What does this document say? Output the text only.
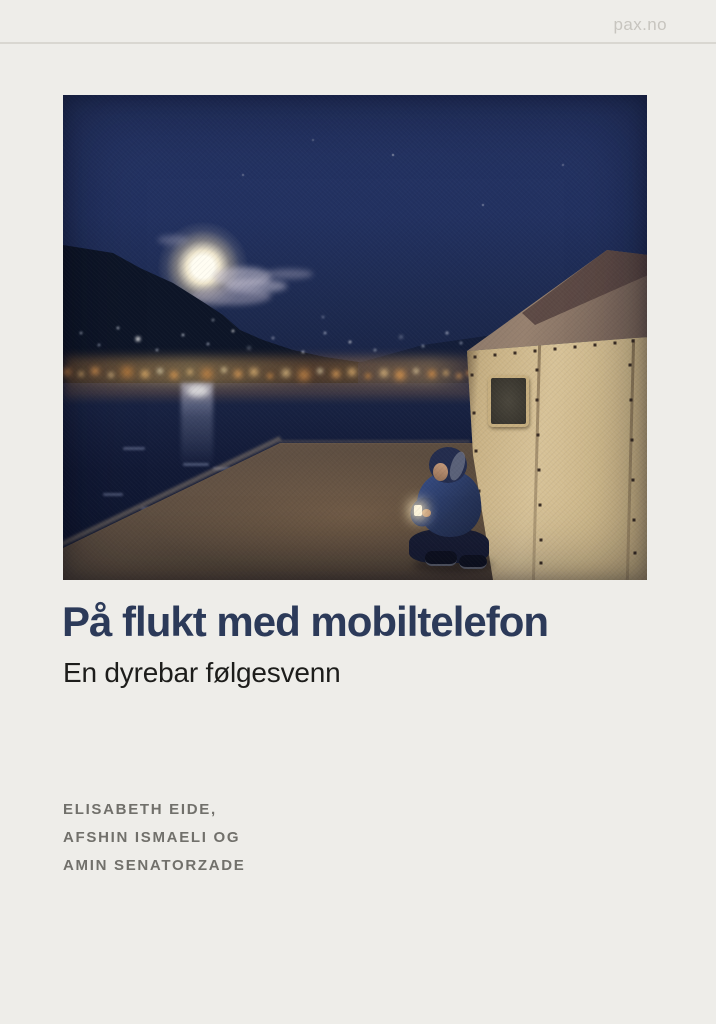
pax.no
På flukt med mobiltelefon
En dyrebar følgesvenn
ELISABETH EIDE,
AFSHIN ISMAELI OG
AMIN SENATORZADE
